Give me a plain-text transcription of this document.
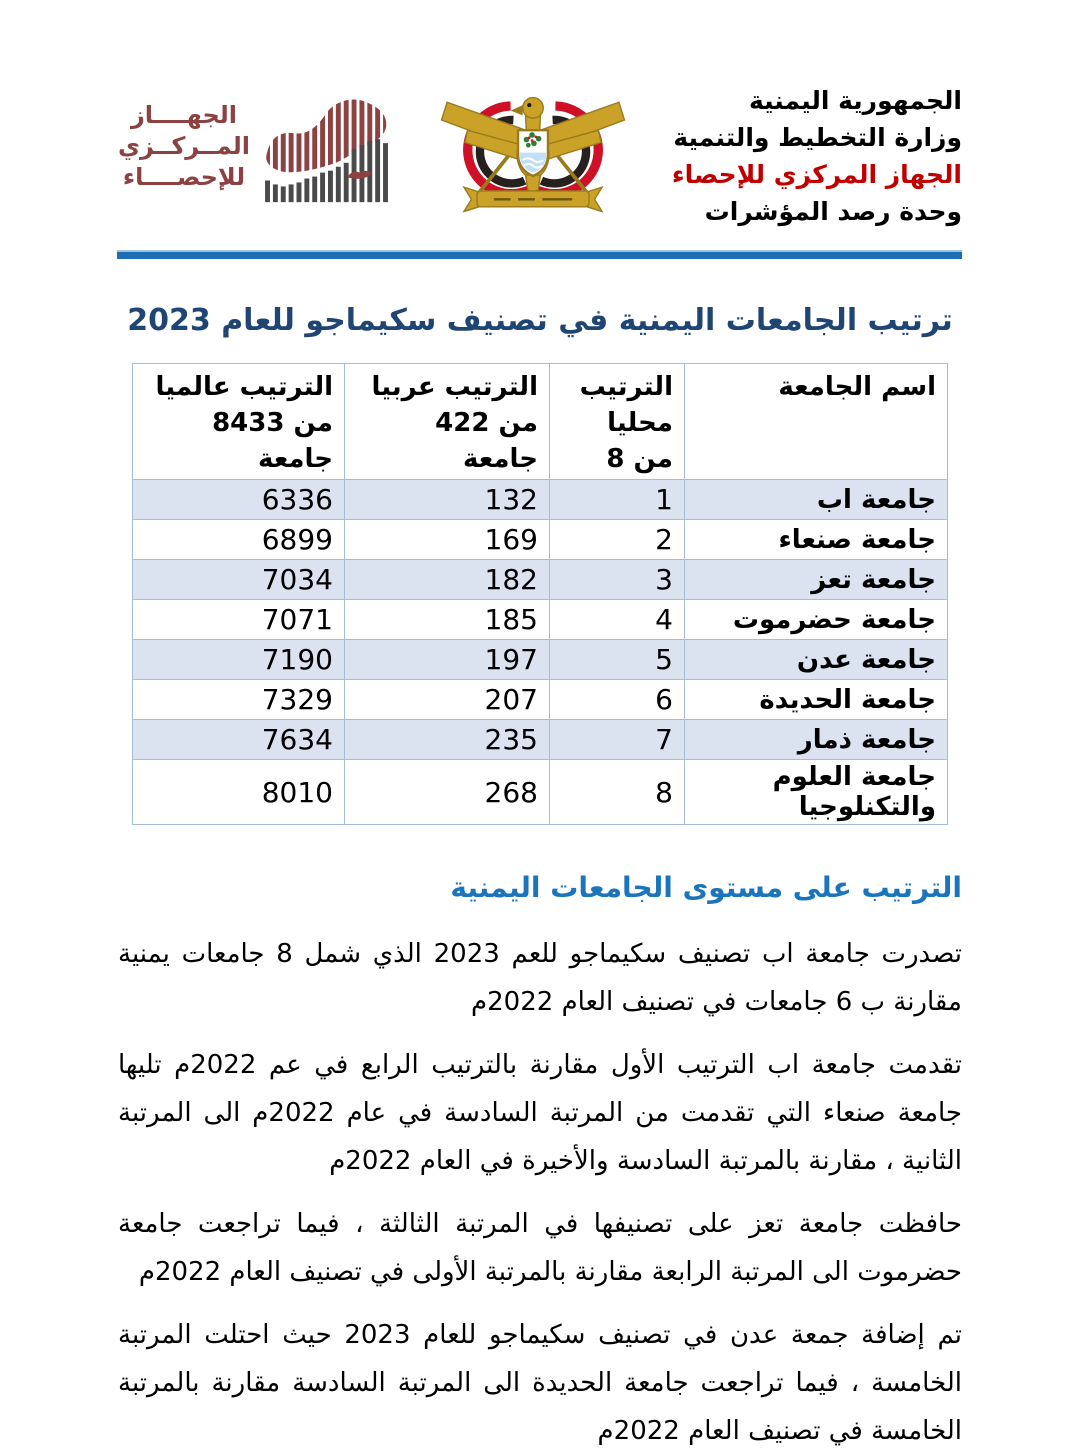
الجمهورية اليمنية
وزارة التخطيط والتنمية
الجهاز المركزي للإحصاء
وحدة رصد المؤشرات
الجهــــاز
المــركــزي
للإحصــــاء
ترتيب الجامعات اليمنية في تصنيف سكيماجو للعام 2023
اسم الجامعة	الترتيب محليا من 8	الترتيب عربيا من 422 جامعة	الترتيب عالميا من 8433 جامعة
جامعة اب	1	132	6336
جامعة صنعاء	2	169	6899
جامعة تعز	3	182	7034
جامعة حضرموت	4	185	7071
جامعة عدن	5	197	7190
جامعة الحديدة	6	207	7329
جامعة ذمار	7	235	7634
جامعة العلوم والتكنلوجيا	8	268	8010
الترتيب على مستوى الجامعات اليمنية

تصدرت جامعة اب تصنيف سكيماجو للعم 2023 الذي شمل 8 جامعات يمنية مقارنة ب 6 جامعات في تصنيف العام 2022م

تقدمت جامعة اب الترتيب الأول مقارنة بالترتيب الرابع في عم 2022م تليها جامعة صنعاء التي تقدمت من المرتبة السادسة في عام 2022م الى المرتبة الثانية ، مقارنة بالمرتبة السادسة والأخيرة في العام 2022م

حافظت جامعة تعز على تصنيفها في المرتبة الثالثة ، فيما تراجعت جامعة حضرموت الى المرتبة الرابعة مقارنة بالمرتبة الأولى في تصنيف العام 2022م

تم إضافة جمعة عدن في تصنيف سكيماجو للعام 2023 حيث احتلت المرتبة الخامسة ، فيما تراجعت جامعة الحديدة الى المرتبة السادسة مقارنة بالمرتبة الخامسة في تصنيف العام 2022م
